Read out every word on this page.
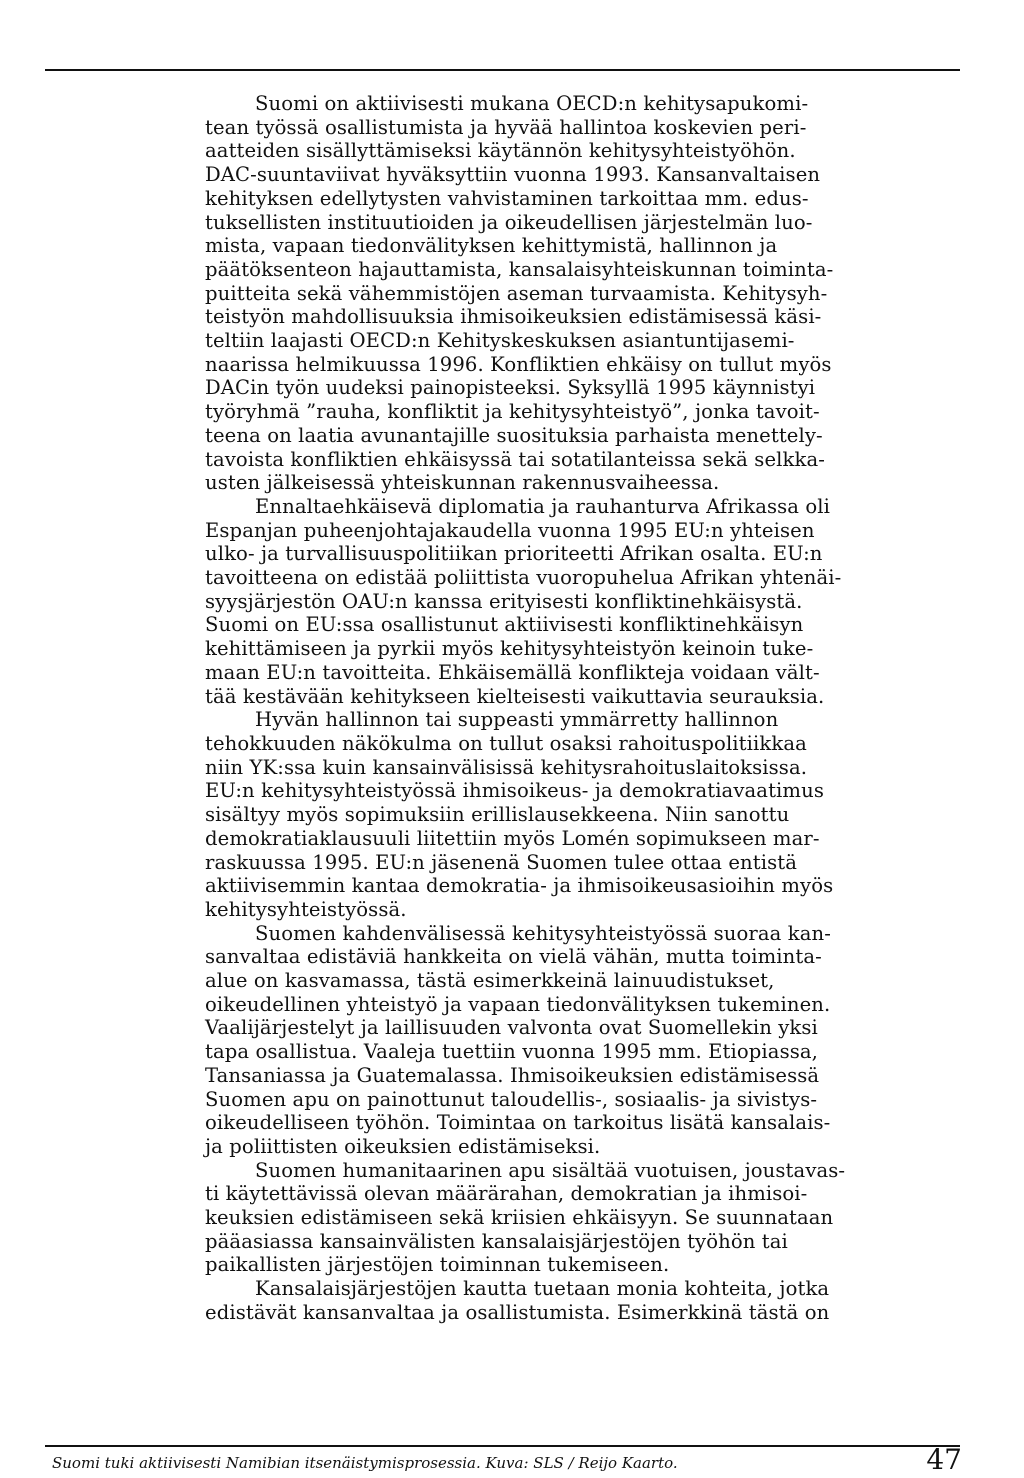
Suomi on aktiivisesti mukana OECD:n kehitysapukomi-
tean työssä osallistumista ja hyvää hallintoa koskevien peri-
aatteiden sisällyttämiseksi käytännön kehitysyhteistyöhön.
DAC-suuntaviivat hyväksyttiin vuonna 1993. Kansanvaltaisen
kehityksen edellytysten vahvistaminen tarkoittaa mm. edus-
tuksellisten instituutioiden ja oikeudellisen järjestelmän luo-
mista, vapaan tiedonvälityksen kehittymistä, hallinnon ja
päätöksenteon hajauttamista, kansalaisyhteiskunnan toiminta-
puitteita sekä vähemmistöjen aseman turvaamista. Kehitysyh-
teistyön mahdollisuuksia ihmisoikeuksien edistämisessä käsi-
teltiin laajasti OECD:n Kehityskeskuksen asiantuntijasemi-
naarissa helmikuussa 1996. Konfliktien ehkäisy on tullut myös
DACin työn uudeksi painopisteeksi. Syksyllä 1995 käynnistyi
työryhmä ”rauha, konfliktit ja kehitysyhteistyö”, jonka tavoit-
teena on laatia avunantajille suosituksia parhaista menettely-
tavoista konfliktien ehkäisyssä tai sotatilanteissa sekä selkka-
usten jälkeisessä yhteiskunnan rakennusvaiheessa.

Ennaltaehkäisevä diplomatia ja rauhanturva Afrikassa oli
Espanjan puheenjohtajakaudella vuonna 1995 EU:n yhteisen
ulko- ja turvallisuuspolitiikan prioriteetti Afrikan osalta. EU:n
tavoitteena on edistää poliittista vuoropuhelua Afrikan yhtenäi-
syysjärjestön OAU:n kanssa erityisesti konfliktinehkäisystä.
Suomi on EU:ssa osallistunut aktiivisesti konfliktinehkäisyn
kehittämiseen ja pyrkii myös kehitysyhteistyön keinoin tuke-
maan EU:n tavoitteita. Ehkäisemällä konflikteja voidaan vält-
tää kestävään kehitykseen kielteisesti vaikuttavia seurauksia.

Hyvän hallinnon tai suppeasti ymmärretty hallinnon
tehokkuuden näkökulma on tullut osaksi rahoituspolitiikkaa
niin YK:ssa kuin kansainvälisissä kehitysrahoituslaitoksissa.
EU:n kehitysyhteistyössä ihmisoikeus- ja demokratiavaatimus
sisältyy myös sopimuksiin erillislausekkeena. Niin sanottu
demokratiaklausuuli liitettiin myös Lomén sopimukseen mar-
raskuussa 1995. EU:n jäsenenä Suomen tulee ottaa entistä
aktiivisemmin kantaa demokratia- ja ihmisoikeusasioihin myös
kehitysyhteistyössä.

Suomen kahdenvälisessä kehitysyhteistyössä suoraa kan-
sanvaltaa edistäviä hankkeita on vielä vähän, mutta toiminta-
alue on kasvamassa, tästä esimerkkeinä lainuudistukset,
oikeudellinen yhteistyö ja vapaan tiedonvälityksen tukeminen.
Vaalijärjestelyt ja laillisuuden valvonta ovat Suomellekin yksi
tapa osallistua. Vaaleja tuettiin vuonna 1995 mm. Etiopiassa,
Tansaniassa ja Guatemalassa. Ihmisoikeuksien edistämisessä
Suomen apu on painottunut taloudellis-, sosiaalis- ja sivistys-
oikeudelliseen työhön. Toimintaa on tarkoitus lisätä kansalais-
ja poliittisten oikeuksien edistämiseksi.

Suomen humanitaarinen apu sisältää vuotuisen, joustavas-
ti käytettävissä olevan määrärahan, demokratian ja ihmisoi-
keuksien edistämiseen sekä kriisien ehkäisyyn. Se suunnataan
pääasiassa kansainvälisten kansalaisjärjestöjen työhön tai
paikallisten järjestöjen toiminnan tukemiseen.

Kansalaisjärjestöjen kautta tuetaan monia kohteita, jotka
edistävät kansanvaltaa ja osallistumista. Esimerkkinä tästä on

Suomi tuki aktiivisesti Namibian itsenäistymisprosessia. Kuva: SLS / Reijo Kaarto.	47
